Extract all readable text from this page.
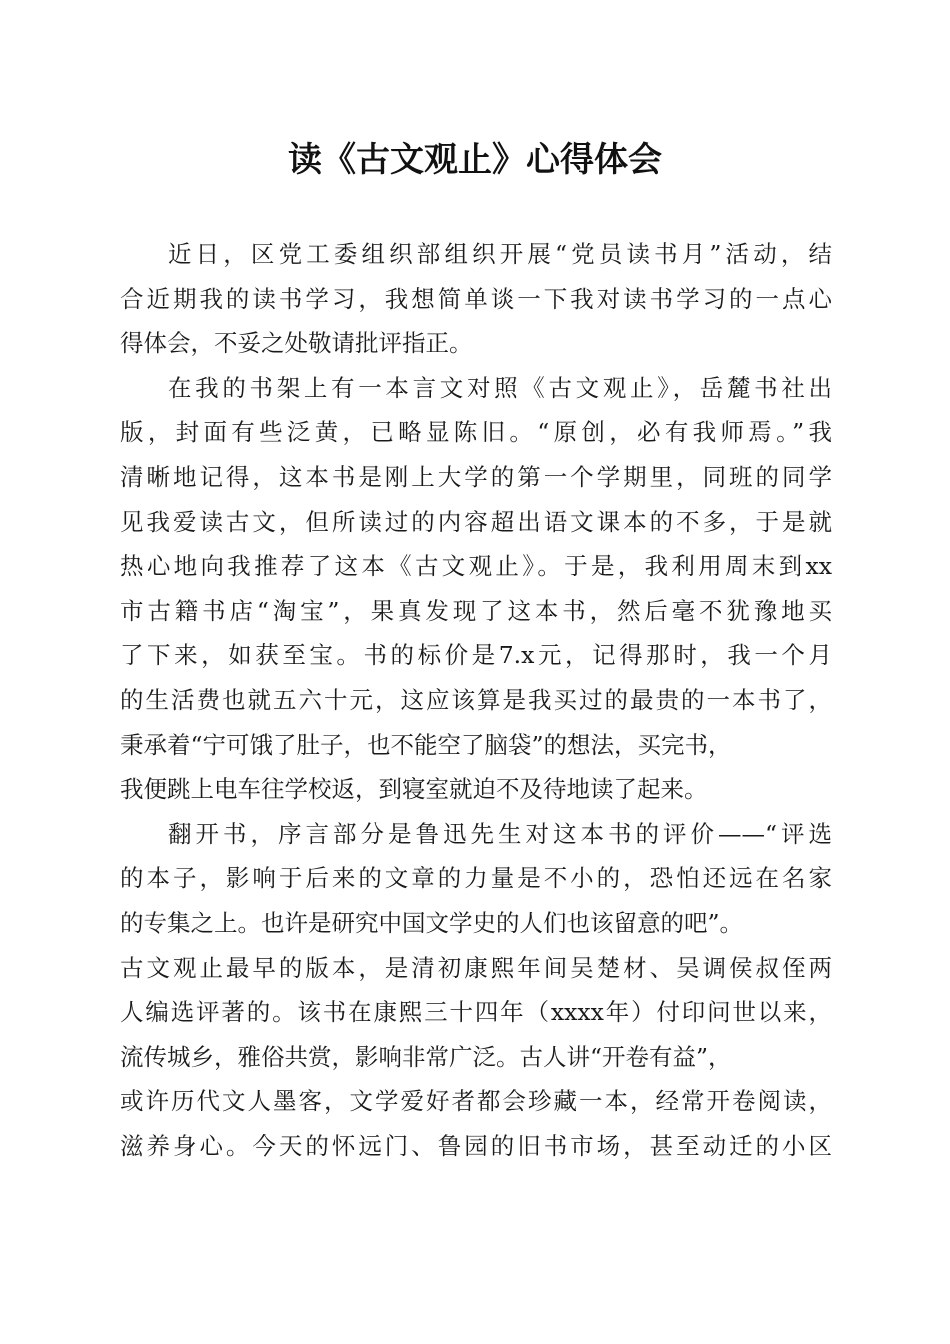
读《古文观止》心得体会

近日，区党工委组织部组织开展“党员读书月”活动，结
合近期我的读书学习，我想简单谈一下我对读书学习的一点心
得体会，不妥之处敬请批评指正。

在我的书架上有一本言文对照《古文观止》，岳麓书社出
版，封面有些泛黄，已略显陈旧。“原创，必有我师焉。”我
清晰地记得，这本书是刚上大学的第一个学期里，同班的同学
见我爱读古文，但所读过的内容超出语文课本的不多，于是就
热心地向我推荐了这本《古文观止》。于是，我利用周末到xx
市古籍书店“淘宝”，果真发现了这本书，然后毫不犹豫地买
了下来，如获至宝。书的标价是7.x元，记得那时，我一个月
的生活费也就五六十元，这应该算是我买过的最贵的一本书了，
秉承着“宁可饿了肚子，也不能空了脑袋”的想法，买完书，
我便跳上电车往学校返，到寝室就迫不及待地读了起来。

翻开书，序言部分是鲁迅先生对这本书的评价——“评选
的本子，影响于后来的文章的力量是不小的，恐怕还远在名家
的专集之上。也许是研究中国文学史的人们也该留意的吧”。
古文观止最早的版本，是清初康熙年间吴楚材、吴调侯叔侄两
人编选评著的。该书在康熙三十四年（xxxx年）付印问世以来，
流传城乡，雅俗共赏，影响非常广泛。古人讲“开卷有益”，
或许历代文人墨客，文学爱好者都会珍藏一本，经常开卷阅读，
滋养身心。今天的怀远门、鲁园的旧书市场，甚至动迁的小区
